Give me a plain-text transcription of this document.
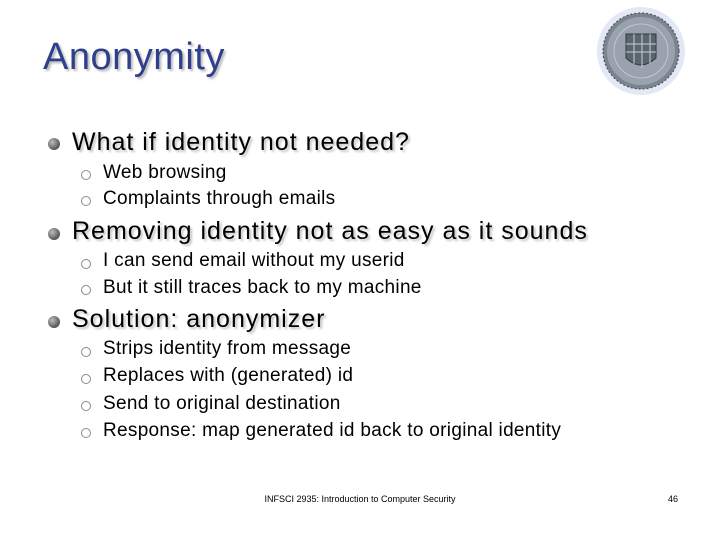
Anonymity
What if identity not needed?
Web browsing
Complaints through emails
Removing identity not as easy as it sounds
I can send email without my userid
But it still traces back to my machine
Solution: anonymizer
Strips identity from message
Replaces with (generated) id
Send to original destination
Response: map generated id back to original identity
INFSCI 2935: Introduction to Computer Security	46
